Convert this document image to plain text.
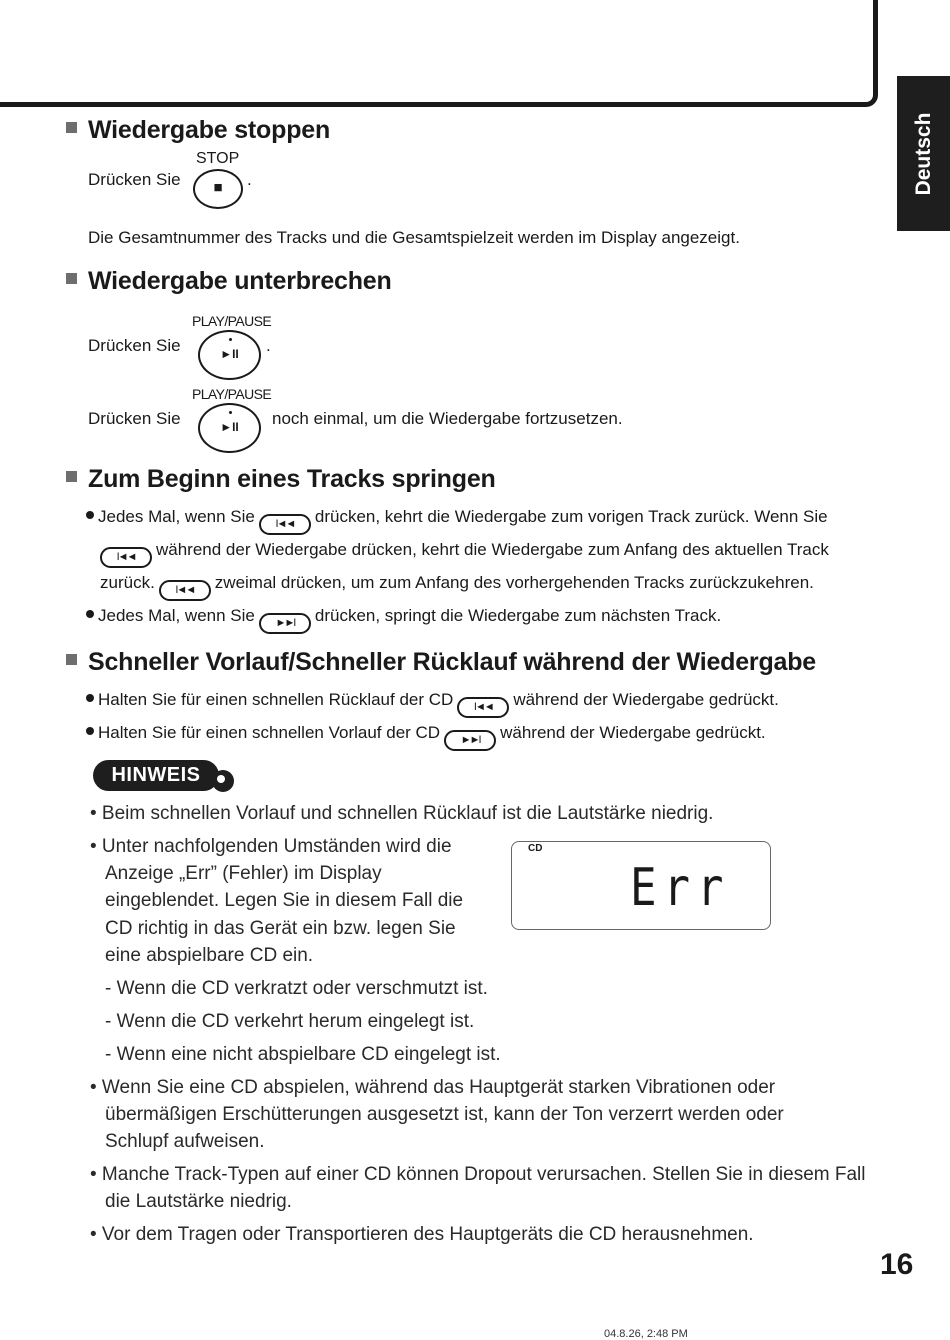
Deutsch
Wiedergabe stoppen
STOP
Drücken Sie	■	.
Die Gesamtnummer des Tracks und die Gesamtspielzeit werden im Display angezeigt.
Wiedergabe unterbrechen
PLAY/PAUSE
Drücken Sie	►II	.
PLAY/PAUSE
Drücken Sie	►II	noch einmal, um die Wiedergabe fortzusetzen.
Zum Beginn eines Tracks springen
Jedes Mal, wenn Sie I◄◄ drücken, kehrt die Wiedergabe zum vorigen Track zurück. Wenn Sie
I◄◄ während der Wiedergabe drücken, kehrt die Wiedergabe zum Anfang des aktuellen Track
zurück. I◄◄ zweimal drücken, um zum Anfang des vorhergehenden Tracks zurückzukehren.
Jedes Mal, wenn Sie ►►I drücken, springt die Wiedergabe zum nächsten Track.
Schneller Vorlauf/Schneller Rücklauf während der Wiedergabe
Halten Sie für einen schnellen Rücklauf der CD I◄◄ während der Wiedergabe gedrückt.
Halten Sie für einen schnellen Vorlauf der CD ►►I während der Wiedergabe gedrückt.
HINWEIS
• Beim schnellen Vorlauf und schnellen Rücklauf ist die Lautstärke niedrig.
• Unter nachfolgenden Umständen wird die
Anzeige „Err” (Fehler) im Display
eingeblendet. Legen Sie in diesem Fall die
CD richtig in das Gerät ein bzw. legen Sie
eine abspielbare CD ein.
CD
Err
- Wenn die CD verkratzt oder verschmutzt ist.
- Wenn die CD verkehrt herum eingelegt ist.
- Wenn eine nicht abspielbare CD eingelegt ist.
• Wenn Sie eine CD abspielen, während das Hauptgerät starken Vibrationen oder
übermäßigen Erschütterungen ausgesetzt ist, kann der Ton verzerrt werden oder
Schlupf aufweisen.
• Manche Track-Typen auf einer CD können Dropout verursachen. Stellen Sie in diesem Fall
die Lautstärke niedrig.
• Vor dem Tragen oder Transportieren des Hauptgeräts die CD herausnehmen.
16
04.8.26, 2:48 PM
